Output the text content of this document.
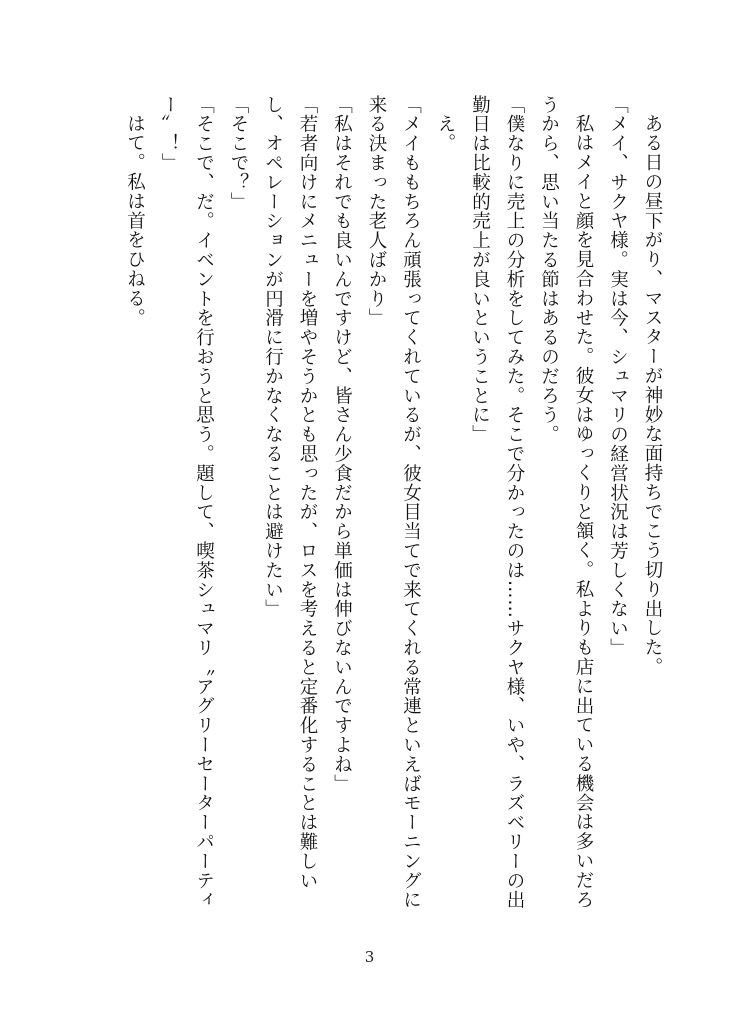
ある日の昼下がり、マスターが神妙な面持ちでこう切り出した。

「メイ、サクヤ様。実は今、シュマリの経営状況は芳しくない」

私はメイと顔を見合わせた。彼女はゆっくりと頷く。私よりも店に出ている機会は多いだろうから、思い当たる節はあるのだろう。

「僕なりに売上の分析をしてみた。そこで分かったのは……サクヤ様、いや、ラズベリーの出勤日は比較的売上が良いということに」

え。

「メイももちろん頑張ってくれているが、彼女目当てで来てくれる常連といえばモーニングに来る決まった老人ばかり」

「私はそれでも良いんですけど、皆さん少食だから単価は伸びないんですよね」

「若者向けにメニューを増やそうかとも思ったが、ロスを考えると定番化することは難しいし、オペレーションが円滑に行かなくなることは避けたい」

「そこで？」

「そこで、だ。イベントを行おうと思う。題して、喫茶シュマリ〝アグリーセーターパーティー〟！」

はて。私は首をひねる。

3
